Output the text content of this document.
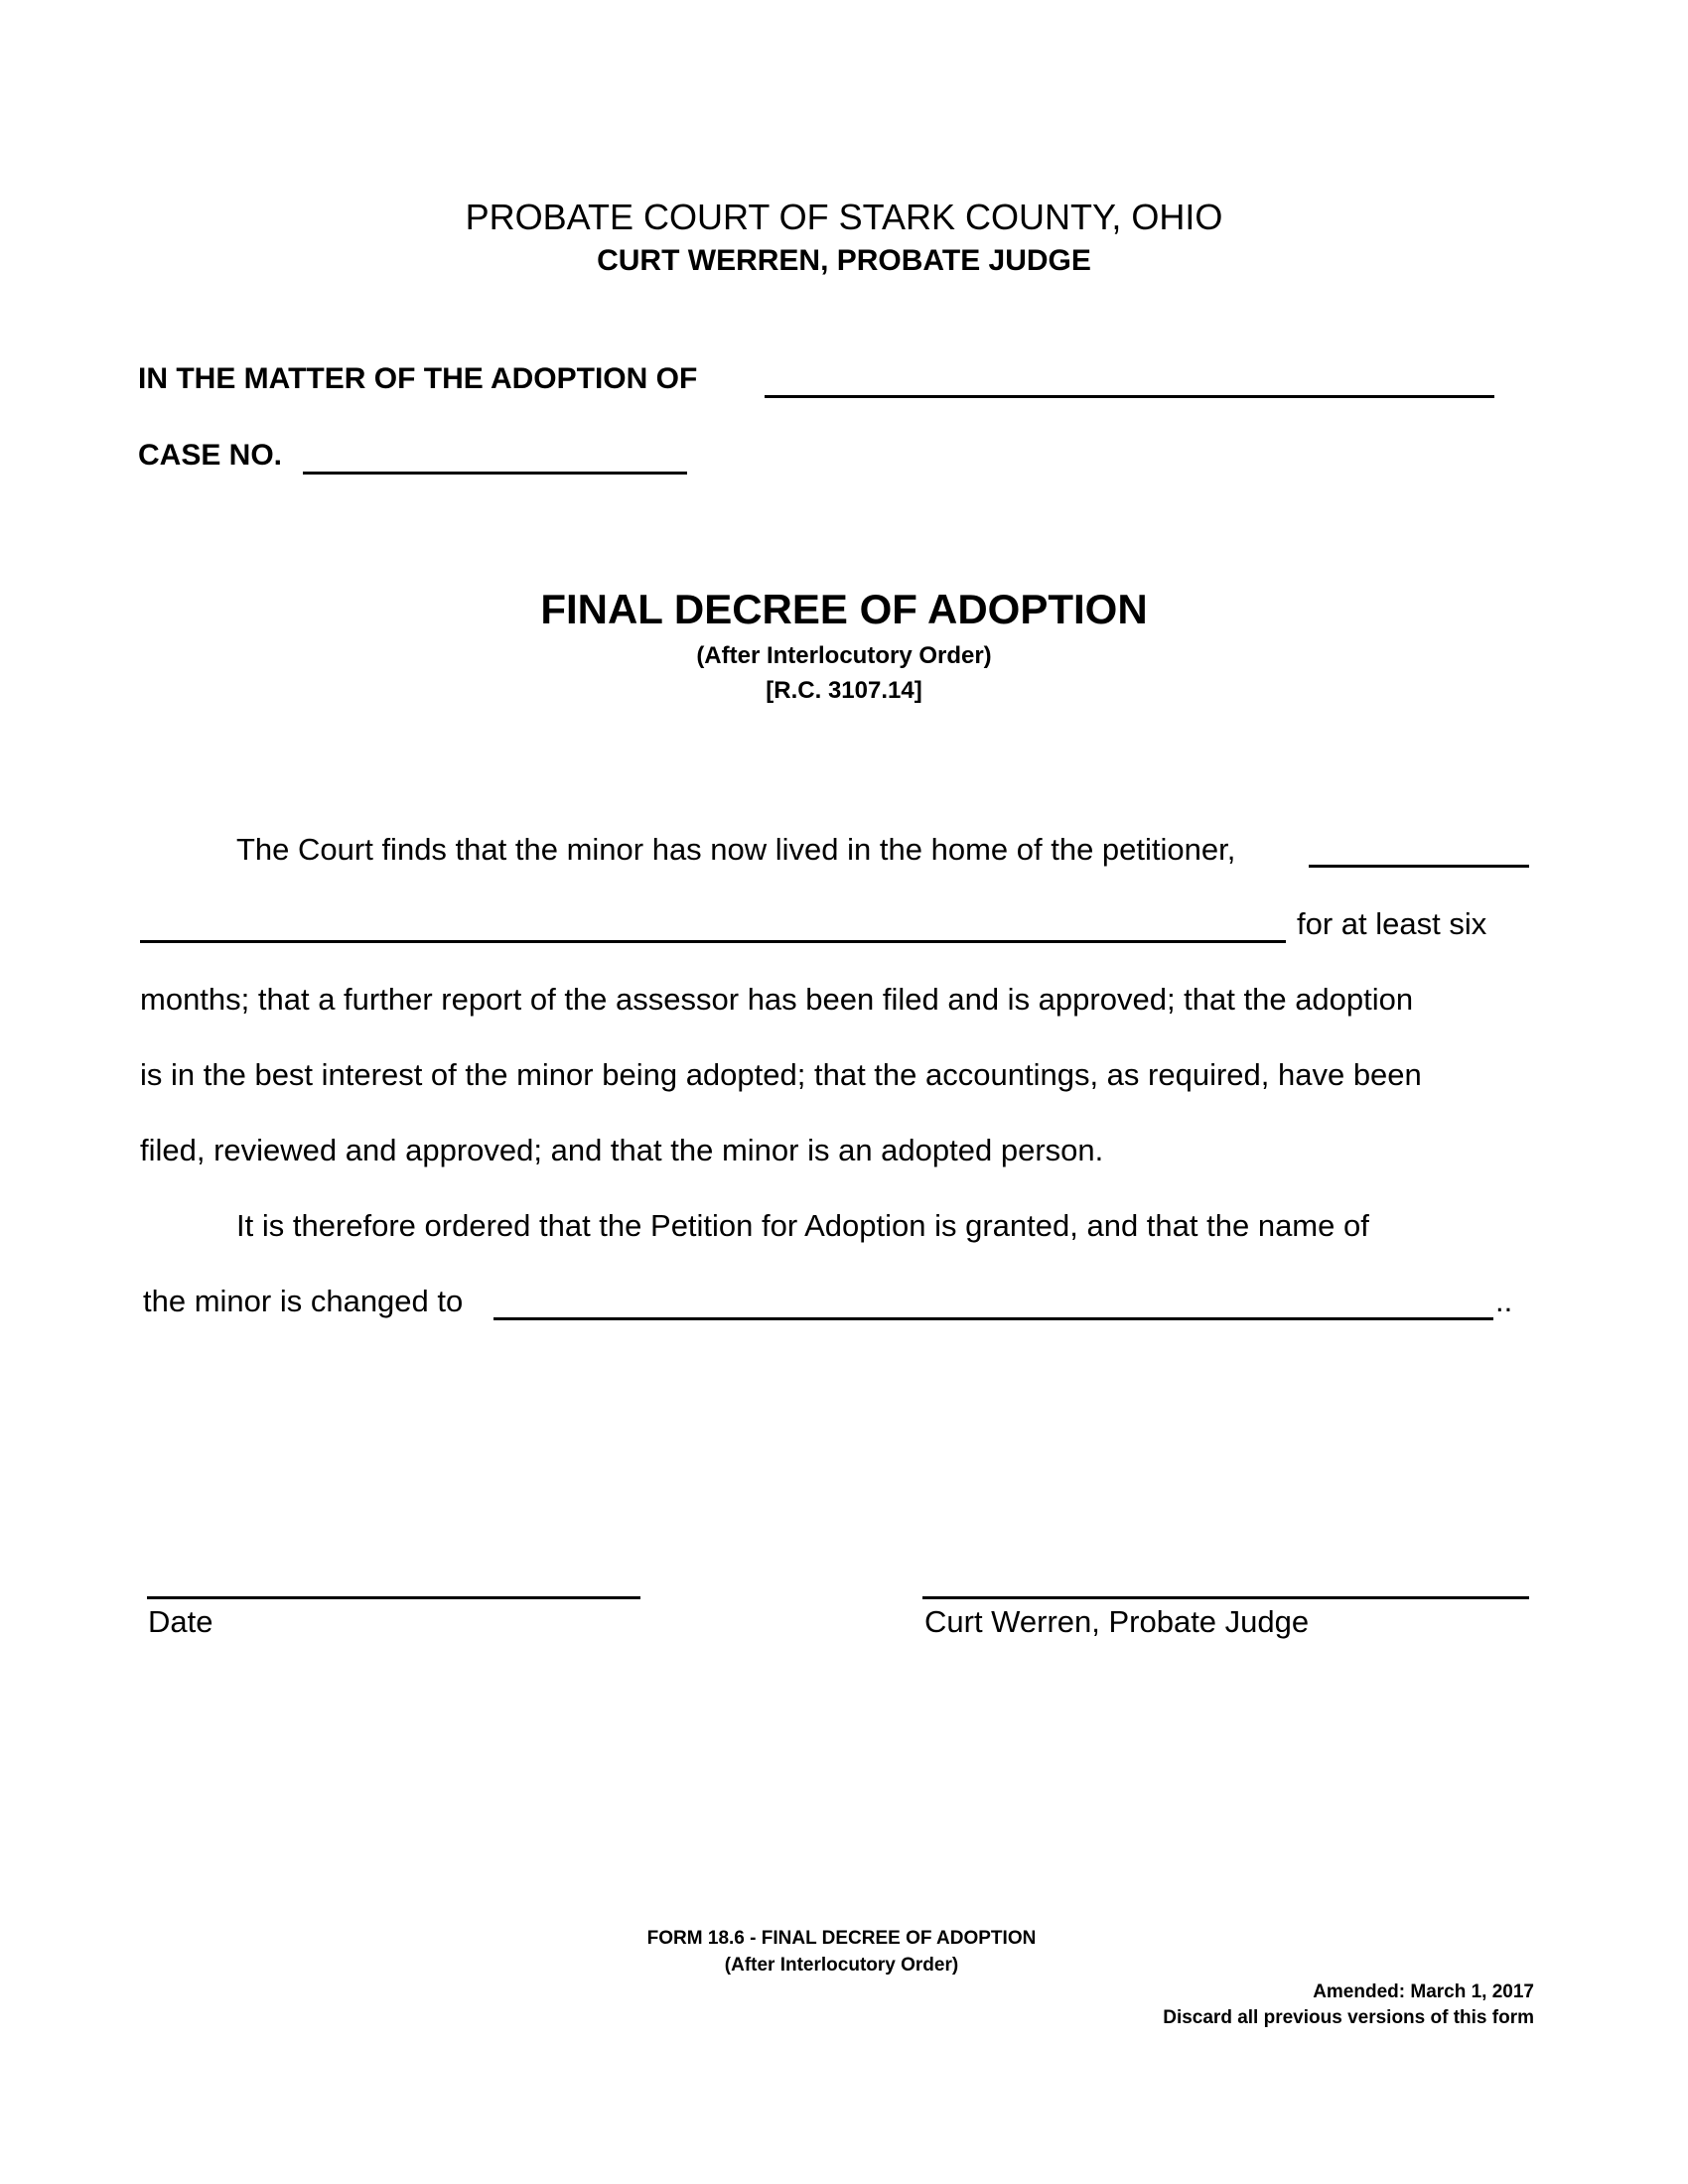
PROBATE COURT OF STARK COUNTY, OHIO
CURT WERREN, PROBATE JUDGE
IN THE MATTER OF THE ADOPTION OF
CASE NO.
FINAL DECREE OF ADOPTION
(After Interlocutory Order)
[R.C. 3107.14]
The Court finds that the minor has now lived in the home of the petitioner,
for at least six
months; that a further report of the assessor has been filed and is approved; that the adoption
is in the best interest of the minor being adopted; that the accountings, as required, have been
filed, reviewed and approved; and that the minor is an adopted person.
It is therefore ordered that the Petition for Adoption is granted, and that the name of
the minor is changed to	..
Date	Curt Werren, Probate Judge
FORM 18.6 - FINAL DECREE OF ADOPTION
(After Interlocutory Order)
Amended: March 1, 2017
Discard all previous versions of this form
